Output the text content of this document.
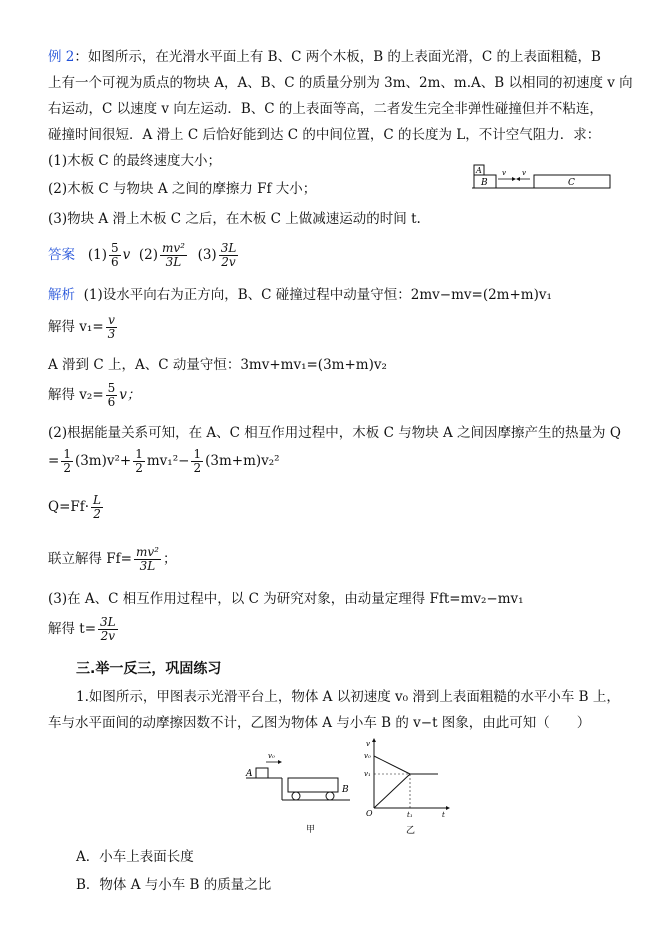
例 2：如图所示，在光滑水平面上有 B、C 两个木板，B 的上表面光滑，C 的上表面粗糙，B
上有一个可视为质点的物块 A，A、B、C 的质量分别为 3m、2m、m.A、B 以相同的初速度 v 向
右运动，C 以速度 v 向左运动．B、C 的上表面等高，二者发生完全非弹性碰撞但并不粘连，
碰撞时间很短．A 滑上 C 后恰好能到达 C 的中间位置，C 的长度为 L，不计空气阻力．求：
(1)木板 C 的最终速度大小；
(2)木板 C 与物块 A 之间的摩擦力 Ff 大小；
(3)物块 A 滑上木板 C 之后，在木板 C 上做减速运动的时间 t.
A
B
v v
C
答案 $(1) \frac{5}{6}$ v $(2) \frac{\text{mv²}}{3L} (3) \frac{3L}{2v}$
解析 (1)设水平向右为正方向，B、C 碰撞过程中动量守恒：2mv−mv=(2m+m)v₁
解得 $v_1= \frac{v}{3}$
A 滑到 C 上，A、C 动量守恒：3mv+mv₁=(3m+m)v₂
解得 $v_2= \frac{5}{6}$ v；
(2)根据能量关系可知，在 A、C 相互作用过程中，木板 C 与物块 A 之间因摩擦产生的热量为 Q
= $\frac{1}{2} (3m)v^2+ \frac{1}{2} mv_1^2- \frac{1}{2} (3m+m)v_2^2$
$Q=Ff\cdot \frac{L}{2}$
联立解得 $Ff= \frac{\text{mv²}}{3L}$ ；
(3)在 A、C 相互作用过程中，以 C 为研究对象，由动量定理得 Fft=mv₂−mv₁
解得 $t= \frac{3L}{2v}$
三.举一反三，巩固练习
1.如图所示，甲图表示光滑平台上，物体 A 以初速度 v₀ 滑到上表面粗糙的水平小车 B 上，
车与水平面间的动摩擦因数不计，乙图为物体 A 与小车 B 的 v−t 图象，由此可知（　　）
A
v₀
B
甲
v
v₀
v₁
O	t₁	t
乙
A．小车上表面长度
B．物体 A 与小车 B 的质量之比
